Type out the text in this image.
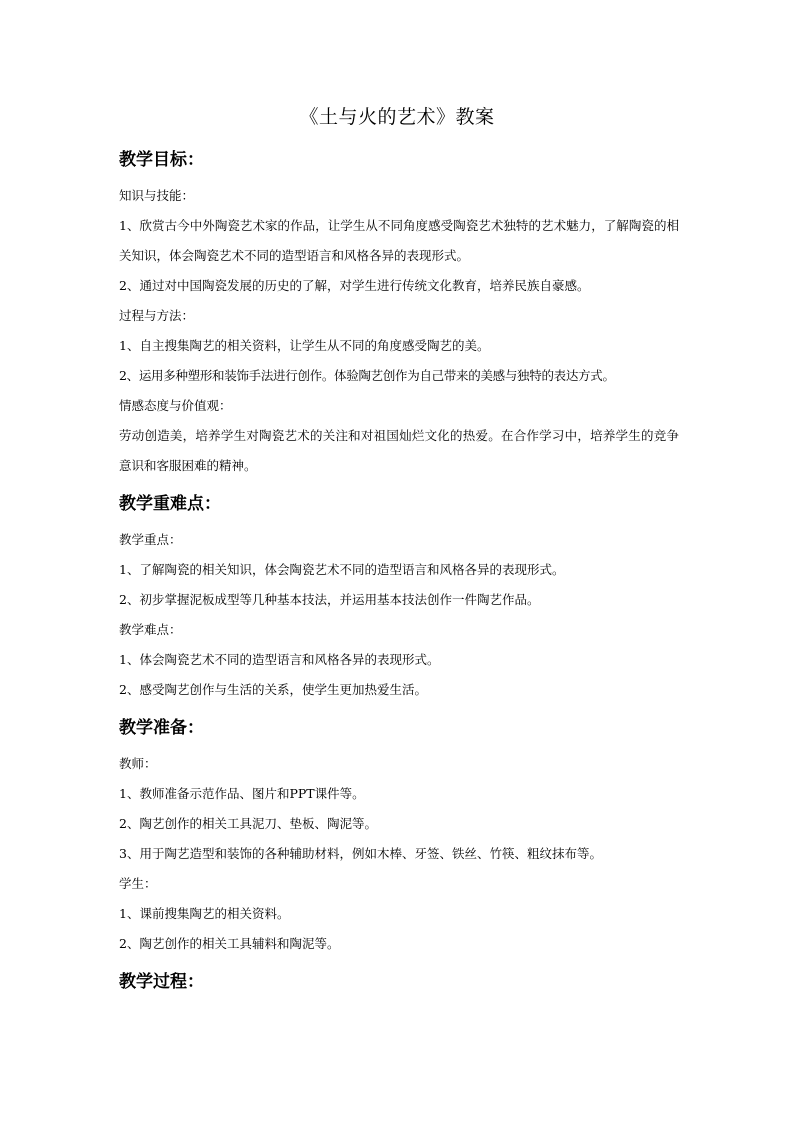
《土与火的艺术》教案
教学目标：

知识与技能：

1、欣赏古今中外陶瓷艺术家的作品，让学生从不同角度感受陶瓷艺术独特的艺术魅力，了解陶瓷的相关知识，体会陶瓷艺术不同的造型语言和风格各异的表现形式。

2、通过对中国陶瓷发展的历史的了解，对学生进行传统文化教育，培养民族自豪感。

过程与方法：

1、自主搜集陶艺的相关资料，让学生从不同的角度感受陶艺的美。

2、运用多种塑形和装饰手法进行创作。体验陶艺创作为自己带来的美感与独特的表达方式。

情感态度与价值观：

劳动创造美，培养学生对陶瓷艺术的关注和对祖国灿烂文化的热爱。在合作学习中，培养学生的竞争意识和客服困难的精神。

教学重难点：

教学重点：

1、了解陶瓷的相关知识，体会陶瓷艺术不同的造型语言和风格各异的表现形式。

2、初步掌握泥板成型等几种基本技法，并运用基本技法创作一件陶艺作品。

教学难点：

1、体会陶瓷艺术不同的造型语言和风格各异的表现形式。

2、感受陶艺创作与生活的关系，使学生更加热爱生活。

教学准备：

教师：

1、教师准备示范作品、图片和PPT课件等。

2、陶艺创作的相关工具泥刀、垫板、陶泥等。

3、用于陶艺造型和装饰的各种辅助材料，例如木棒、牙签、铁丝、竹筷、粗纹抹布等。

学生：

1、课前搜集陶艺的相关资料。

2、陶艺创作的相关工具辅料和陶泥等。

教学过程：
